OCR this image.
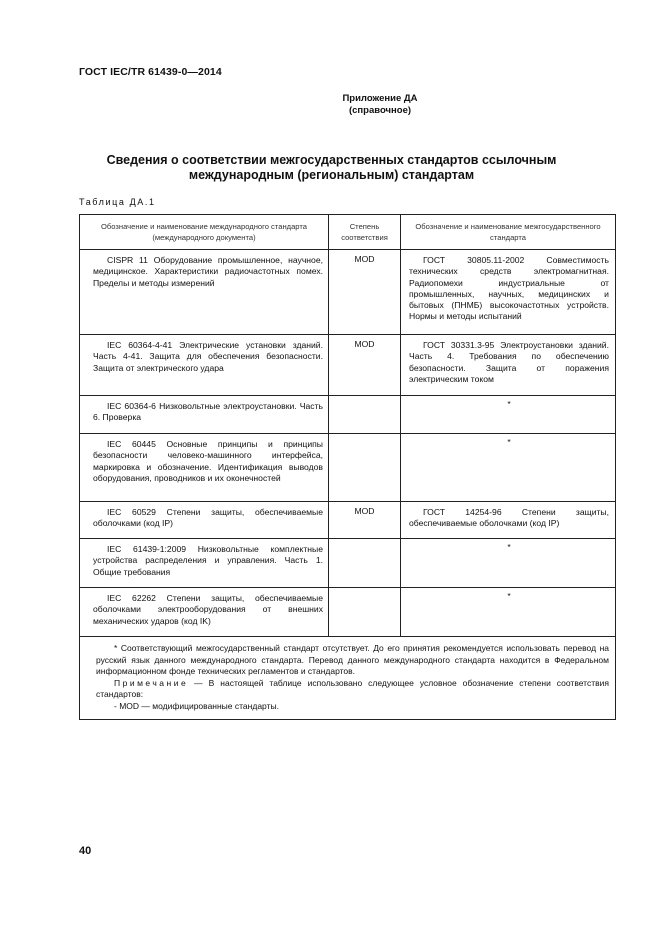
ГОСТ IEC/TR 61439-0—2014
Приложение ДА
(справочное)
Сведения о соответствии межгосударственных стандартов ссылочным
международным (региональным) стандартам
Таблица ДА.1
Обозначение и наименование международного стандарта (международного документа)	Степень соответствия	Обозначение и наименование межгосударственного стандарта
CISPR 11 Оборудование промышленное, научное, медицинское. Характеристики радиочастотных помех. Пределы и методы измерений	MOD	ГОСТ 30805.11-2002 Совместимость технических средств электромагнитная. Радиопомехи индустриальные от промышленных, научных, медицинских и бытовых (ПНМБ) высокочастотных устройств. Нормы и методы испытаний
IEC 60364-4-41 Электрические установки зданий. Часть 4-41. Защита для обеспечения безопасности. Защита от электрического удара	MOD	ГОСТ 30331.3-95 Электроустановки зданий. Часть 4. Требования по обеспечению безопасности. Защита от поражения электрическим током
IEC 60364-6 Низковольтные электроустановки. Часть 6. Проверка		*
IEC 60445 Основные принципы и принципы безопасности человеко-машинного интерфейса, маркировка и обозначение. Идентификация выводов оборудования, проводников и их оконечностей		*
IEC 60529 Степени защиты, обеспечиваемые оболочками (код IP)	MOD	ГОСТ 14254-96 Степени защиты, обеспечиваемые оболочками (код IP)
IEC 61439-1:2009 Низковольтные комплектные устройства распределения и управления. Часть 1. Общие требования		*
IEC 62262 Степени защиты, обеспечиваемые оболочками электрооборудования от внешних механических ударов (код IK)		*

* Соответствующий межгосударственный стандарт отсутствует. До его принятия рекомендуется использовать перевод на русский язык данного международного стандарта. Перевод данного международного стандарта находится в Федеральном информационном фонде технических регламентов и стандартов.

Примечание — В настоящей таблице использовано следующее условное обозначение степени соответствия стандартов:

- MOD — модифицированные стандарты.		

40
